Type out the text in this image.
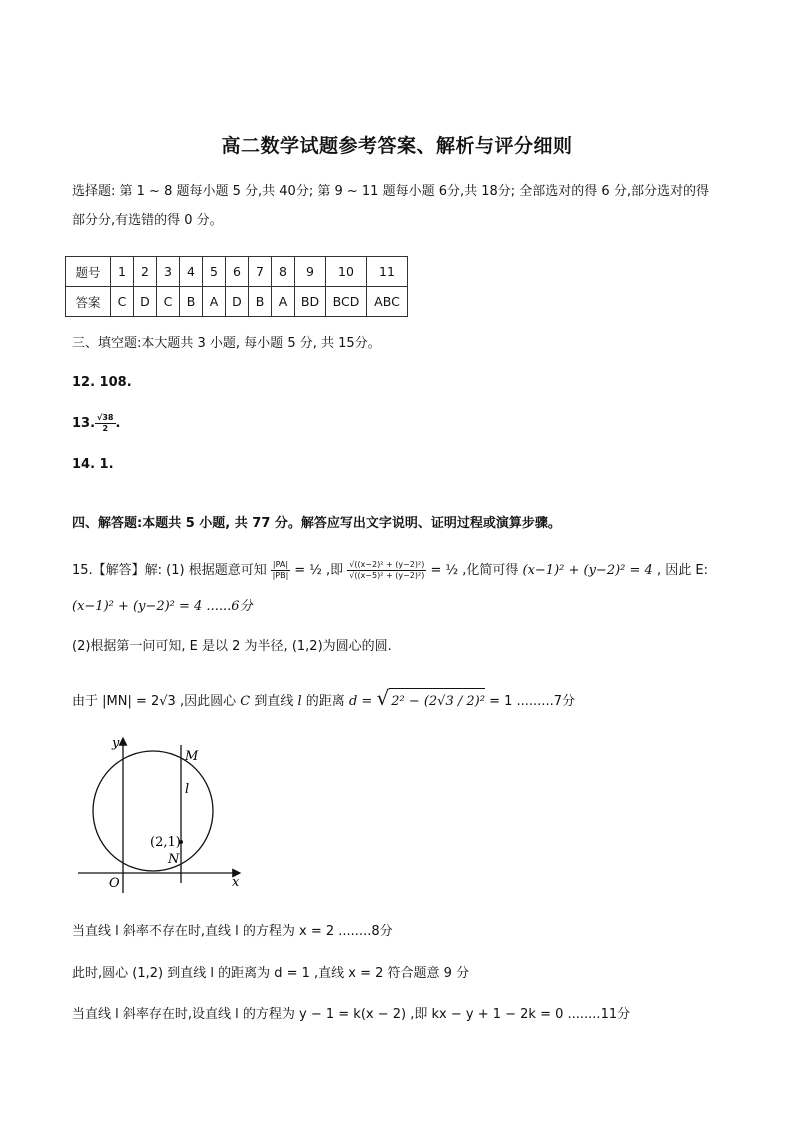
高二数学试题参考答案、解析与评分细则
选择题: 第 1 ~ 8 题每小题 5 分,共 40分; 第 9 ~ 11 题每小题 6分,共 18分; 全部选对的得 6 分,部分选对的得
部分分,有选错的得 0 分。
题号	1	2	3	4	5	6	7	8	9	10	11
答案	C	D	C	B	A	D	B	A	BD	BCD	ABC
三、填空题:本大题共 3 小题, 每小题 5 分, 共 15分。
12. 108.
13. $\frac{√38}{2}$ .
14. 1.
四、解答题:本题共 5 小题, 共 77 分。解答应写出文字说明、证明过程或演算步骤。
15.【解答】解: (1) 根据题意可知 $\frac{|PA|}{|PB|}$ = ½ ,即 $\frac{\text{√((x−2)² + (y−2)²)}}{\text{√((x−5)² + (y−2)²)}}$ = ½ ,化简可得 (x−1)² + (y−2)² = 4 , 因此 E:
(x−1)² + (y−2)² = 4 ......6分
(2)根据第一问可知, E 是以 2 为半径, (1,2)为圆心的圆.
由于 |MN| = 2√3 ,因此圆心 C 到直线 l 的距离 d = √ 2² − (2√3 / 2)² = 1 .........7分
y
x
O
M
l
(2,1)
N
当直线 l 斜率不存在时,直线 l 的方程为 x = 2 ........8分
此时,圆心 (1,2) 到直线 l 的距离为 d = 1 ,直线 x = 2 符合题意 9 分
当直线 l 斜率存在时,设直线 l 的方程为 y − 1 = k(x − 2) ,即 kx − y + 1 − 2k = 0 ........11分
